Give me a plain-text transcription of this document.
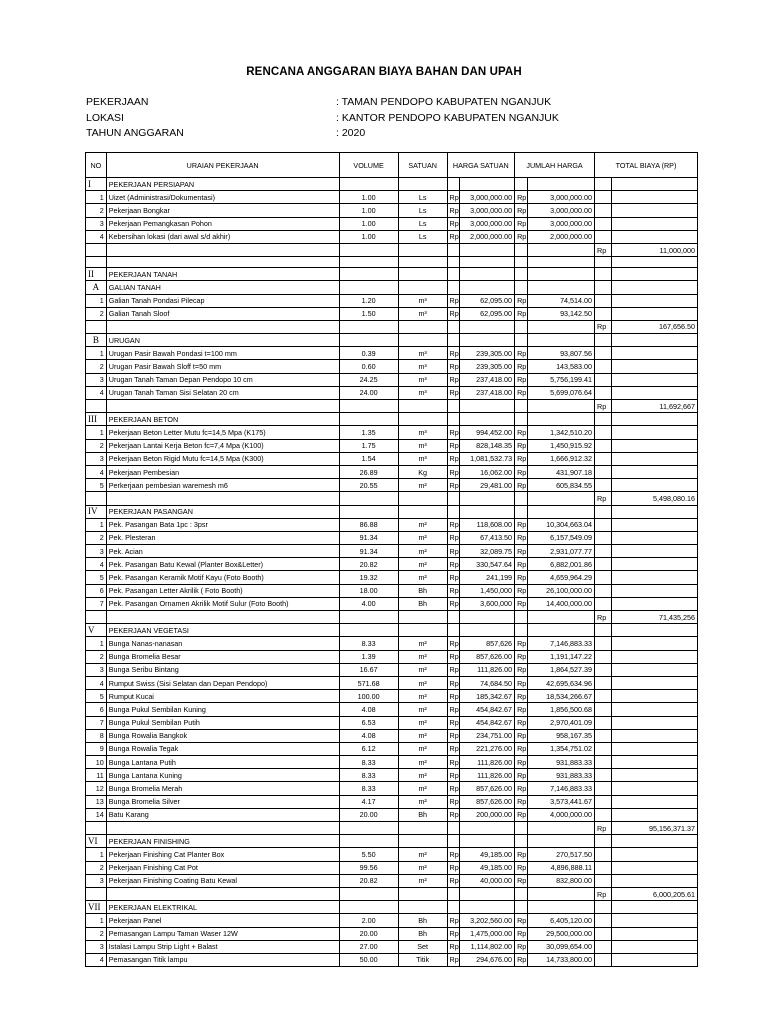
RENCANA ANGGARAN BIAYA BAHAN DAN UPAH
PEKERJAAN	: TAMAN PENDOPO KABUPATEN NGANJUK
LOKASI	: KANTOR PENDOPO KABUPATEN NGANJUK
TAHUN ANGGARAN	: 2020
NO	URAIAN PEKERJAAN	VOLUME	SATUAN	HARGA SATUAN		JUMLAH HARGA		TOTAL BIAYA (RP)	
I	PEKERJAAN PERSIAPAN								
1	Uizet (Administrasi/Dokumentasi)	1.00	Ls	Rp	3,000,000.00	Rp	3,000,000.00		
2	Pekerjaan Bongkar	1.00	Ls	Rp	3,000,000.00	Rp	3,000,000.00		
3	Pekerjaan Pemangkasan Pohon	1.00	Ls	Rp	3,000,000.00	Rp	3,000,000.00		
4	Kebersihan lokasi (dari awal s/d akhir)	1.00	Ls	Rp	2,000,000.00	Rp	2,000,000.00		
								Rp	11,000,000

II	PEKERJAAN TANAH								
A	GALIAN TANAH								
1	Galian Tanah Pondasi Pilecap	1.20	m³	Rp	62,095.00	Rp	74,514.00		
2	Galian Tanah Sloof	1.50	m³	Rp	62,095.00	Rp	93,142.50		
								Rp	167,656.50
B	URUGAN								
1	Urugan Pasir Bawah Pondasi t=100 mm	0.39	m³	Rp	239,305.00	Rp	93,807.56		
2	Urugan Pasir Bawah Sloff t=50 mm	0.60	m³	Rp	239,305.00	Rp	143,583.00		
3	Urugan Tanah Taman Depan Pendopo 10 cm	24.25	m³	Rp	237,418.00	Rp	5,756,199.41		
4	Urugan Tanah Taman Sisi Selatan 20 cm	24.00	m³	Rp	237,418.00	Rp	5,699,076.64		
								Rp	11,692,667
III	PEKERJAAN BETON								
1	Pekerjaan Beton Letter Mutu fc=14,5 Mpa (K175)	1.35	m³	Rp	994,452.00	Rp	1,342,510.20		
2	Pekerjaan Lantai Kerja Beton fc=7,4 Mpa (K100)	1.75	m³	Rp	828,148.35	Rp	1,450,915.92		
3	Pekerjaan Beton Rigid Mutu fc=14,5 Mpa (K300)	1.54	m³	Rp	1,081,532.73	Rp	1,666,912.32		
4	Pekerjaan Pembesian	26.89	Kg	Rp	16,062.00	Rp	431,907.18		
5	Perkerjaan pembesian waremesh m6	20.55	m²	Rp	29,481.00	Rp	605,834.55		
								Rp	5,498,080.16
IV	PEKERJAAN PASANGAN								
1	Pek. Pasangan Bata 1pc : 3psr	86.88	m²	Rp	118,608.00	Rp	10,304,663.04		
2	Pek. Plesteran	91.34	m²	Rp	67,413.50	Rp	6,157,549.09		
3	Pek. Acian	91.34	m²	Rp	32,089.75	Rp	2,931,077.77		
4	Pek. Pasangan Batu Kewal (Planter Box&Letter)	20.82	m²	Rp	330,547.64	Rp	6,882,001.86		
5	Pek. Pasangan Keramik Motif Kayu (Foto Booth)	19.32	m²	Rp	241,199	Rp	4,659,964.29		
6	Pek. Pasangan Letter Akrilik ( Foto Booth)	18.00	Bh	Rp	1,450,000	Rp	26,100,000.00		
7	Pek. Pasangan Ornamen Akrilik Motif Sulur (Foto Booth)	4.00	Bh	Rp	3,600,000	Rp	14,400,000.00		
								Rp	71,435,256
V	PEKERJAAN VEGETASI								
1	Bunga Nanas-nanasan	8.33	m²	Rp	857,626	Rp	7,146,883.33		
2	Bunga Bromelia Besar	1.39	m²	Rp	857,626.00	Rp	1,191,147.22		
3	Bunga Seribu Bintang	16.67	m²	Rp	111,826.00	Rp	1,864,527.39		
4	Rumput Swiss (Sisi Selatan dan Depan Pendopo)	571.68	m²	Rp	74,684.50	Rp	42,695,634.96		
5	Rumput Kucai	100.00	m²	Rp	185,342.67	Rp	18,534,266.67		
6	Bunga Pukul Sembilan Kuning	4.08	m²	Rp	454,842.67	Rp	1,856,500.68		
7	Bunga Pukul Sembilan Putih	6.53	m²	Rp	454,842.67	Rp	2,970,401.09		
8	Bunga Rowalia Bangkok	4.08	m²	Rp	234,751.00	Rp	958,167.35		
9	Bunga Rowalia Tegak	6.12	m²	Rp	221,276.00	Rp	1,354,751.02		
10	Bunga Lantana Putih	8.33	m²	Rp	111,826.00	Rp	931,883.33		
11	Bunga Lantana Kuning	8.33	m²	Rp	111,826.00	Rp	931,883.33		
12	Bunga Bromelia Merah	8.33	m²	Rp	857,626.00	Rp	7,146,883.33		
13	Bunga Bromelia Silver	4.17	m²	Rp	857,626.00	Rp	3,573,441.67		
14	Batu Karang	20.00	Bh	Rp	200,000.00	Rp	4,000,000.00		
								Rp	95,156,371.37
VI	PEKERJAAN FINISHING								
1	Pekerjaan Finishing Cat Planter Box	5.50	m²	Rp	49,185.00	Rp	270,517.50		
2	Pekerjaan Finishing Cat Pot	99.56	m²	Rp	49,185.00	Rp	4,896,888.11		
3	Pekerjaan Finishing Coating Batu Kewal	20.82	m²	Rp	40,000.00	Rp	832,800.00		
								Rp	6,000,205.61
VII	PEKERJAAN ELEKTRIKAL								
1	Pekerjaan Panel	2.00	Bh	Rp	3,202,560.00	Rp	6,405,120.00		
2	Pemasangan Lampu Taman Waser 12W	20.00	Bh	Rp	1,475,000.00	Rp	29,500,000.00		
3	Istalasi Lampu Strip Light + Balast	27.00	Set	Rp	1,114,802.00	Rp	30,099,654.00		
4	Pemasangan Titik lampu	50.00	Titik	Rp	294,676.00	Rp	14,733,800.00		
